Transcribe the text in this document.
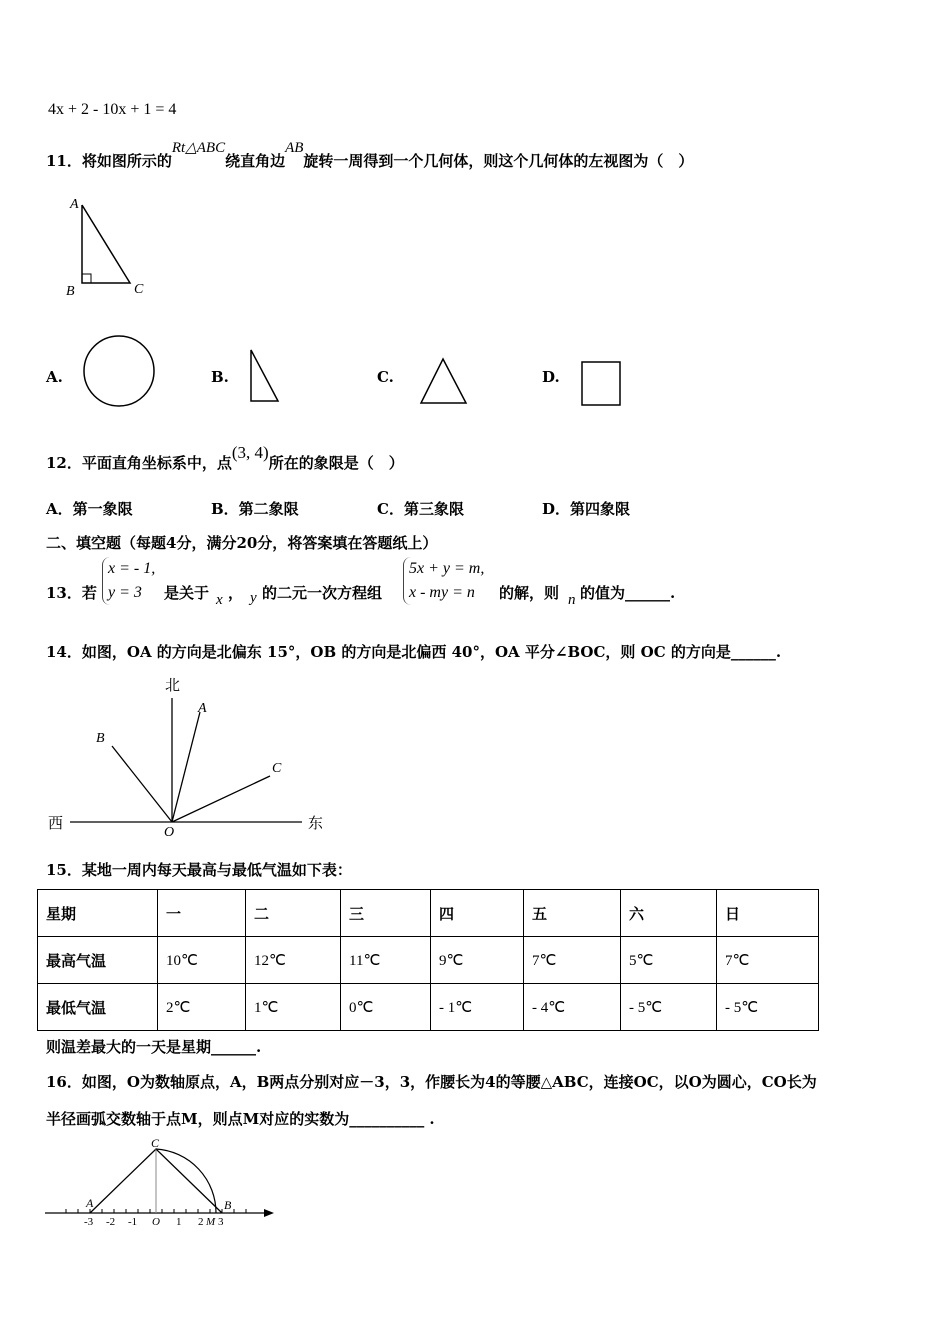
4x + 2 - 10x + 1 = 4
11．将如图所示的Rt△ABC绕直角边AB旋转一周得到一个几何体，则这个几何体的左视图为（　）
A
B	C
A.	B.	C.	D.
12．平面直角坐标系中，点(3, 4)所在的象限是（　）
A．第一象限	B．第二象限	C．第三象限	D．第四象限
二、填空题（每题4分，满分20分，将答案填在答题纸上）
13．若
x = - 1,
y = 3	是关于 x ， y 的二元一次方程组
5x + y = m,
x - my = n	的解，则 n 的值为______.
14．如图，OA 的方向是北偏东 15°，OB 的方向是北偏西 40°，OA 平分∠BOC，则 OC 的方向是______.
北
西	东
A
B
C
O
15．某地一周内每天最高与最低气温如下表：
星期	一	二	三	四	五	六	日
最高气温	10℃	12℃	11℃	9℃	7℃	5℃	7℃
最低气温	2℃	1℃	0℃	- 1℃	- 4℃	- 5℃	- 5℃
则温差最大的一天是星期______.
16．如图，O为数轴原点，A，B两点分别对应－3，3，作腰长为4的等腰△ABC，连接OC，以O为圆心，CO长为
半径画弧交数轴于点M，则点M对应的实数为__________ .
A	B
C
-3 -2 -1 O 1 2 M 3
